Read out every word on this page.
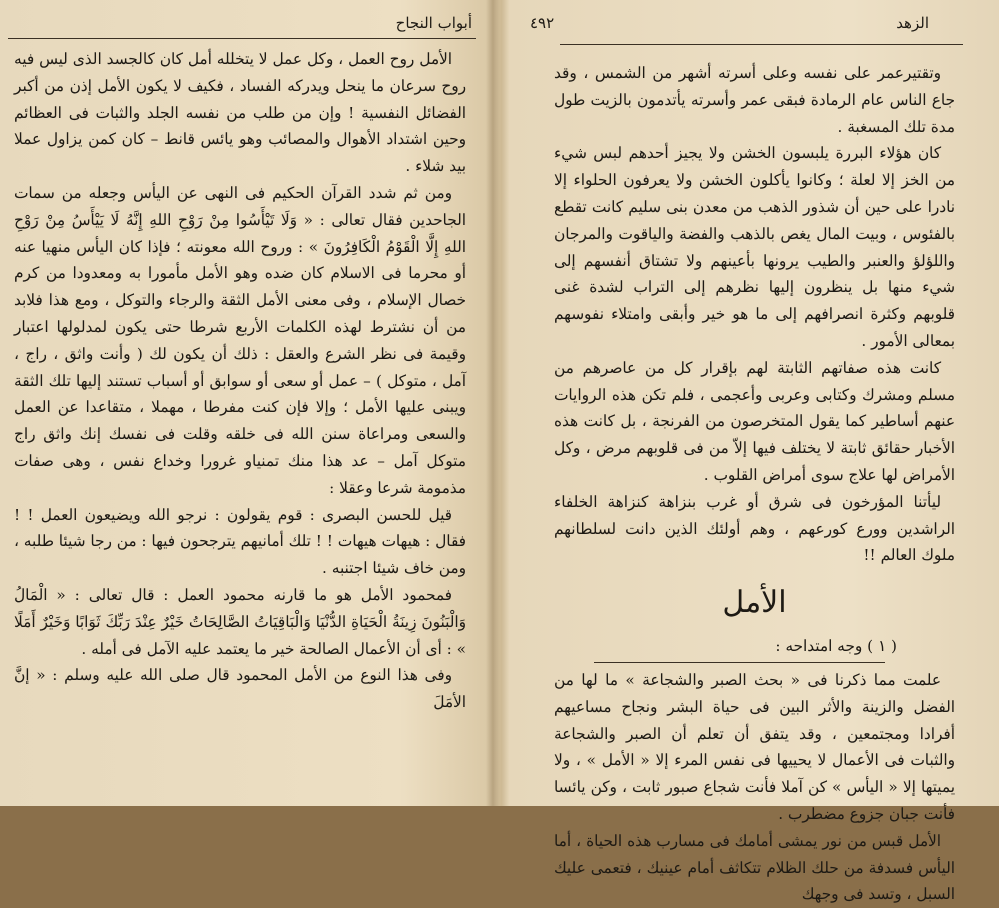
أبواب النجاح

الأمل روح العمل ، وكل عمل لا يتخلله أمل كان كالجسد الذى ليس فيه روح سرعان ما ينحل ويدركه الفساد ، فكيف لا يكون الأمل إذن من أكبر الفضائل النفسية ! وإن من طلب من نفسه الجلد والثبات فى العظائم وحين اشتداد الأهوال والمصائب وهو يائس قانط – كان كمن يزاول عملا بيد شلاء .

ومن ثم شدد القرآن الحكيم فى النهى عن اليأس وجعله من سمات الجاحدين فقال تعالى : « وَلَا تَيْأَسُوا مِنْ رَوْحِ اللهِ إِنَّهُ لَا يَيْأَسُ مِنْ رَوْحِ اللهِ إِلَّا الْقَوْمُ الْكَافِرُونَ » : وروح الله معونته ؛ فإذا كان اليأس منهيا عنه أو محرما فى الاسلام كان ضده وهو الأمل مأمورا به ومعدودا من كرم خصال الإسلام ، وفى معنى الأمل الثقة والرجاء والتوكل ، ومع هذا فلابد من أن نشترط لهذه الكلمات الأربع شرطا حتى يكون لمدلولها اعتبار وقيمة فى نظر الشرع والعقل : ذلك أن يكون لك ( وأنت واثق ، راج ، آمل ، متوكل ) – عمل أو سعى أو سوابق أو أسباب تستند إليها تلك الثقة ويبنى عليها الأمل ؛ وإلا فإن كنت مفرطا ، مهملا ، متقاعدا عن العمل والسعى ومراعاة سنن الله فى خلقه وقلت فى نفسك إنك واثق راج متوكل آمل – عد هذا منك تمنياو غرورا وخداع نفس ، وهى صفات مذمومة شرعا وعقلا :

قيل للحسن البصرى : قوم يقولون : نرجو الله ويضيعون العمل ! ! فقال : هيهات هيهات ! ! تلك أمانيهم يترجحون فيها : من رجا شيئا طلبه ، ومن خاف شيئا اجتنبه .

فمحمود الأمل هو ما قارنه محمود العمل : قال تعالى : « الْمَالُ وَالْبَنُونَ زِينَةُ الْحَيَاةِ الدُّنْيَا وَالْبَاقِيَاتُ الصَّالِحَاتُ خَيْرٌ عِنْدَ رَبِّكَ ثَوَابًا وَخَيْرٌ أَمَلًا » : أى أن الأعمال الصالحة خير ما يعتمد عليه الآمل فى أمله .

وفى هذا النوع من الأمل المحمود قال صلى الله عليه وسلم : « إنَّ الأمَلَ

الزهد
٤٩٢

وتقتيرعمر على نفسه وعلى أسرته أشهر من الشمس ، وقد جاع الناس عام الرمادة فبقى عمر وأسرته يأتدمون بالزيت طول مدة تلك المسغبة .

كان هؤلاء البررة يلبسون الخشن ولا يجيز أحدهم لبس شيء من الخز إلا لعلة ؛ وكانوا يأكلون الخشن ولا يعرفون الحلواء إلا نادرا على حين أن شذور الذهب من معدن بنى سليم كانت تقطع بالفئوس ، وبيت المال يغص بالذهب والفضة والياقوت والمرجان واللؤلؤ والعنبر والطيب يرونها بأعينهم ولا تشتاق أنفسهم إلى شيء منها بل ينظرون إليها نظرهم إلى التراب لشدة غنى قلوبهم وكثرة انصرافهم إلى ما هو خير وأبقى وامتلاء نفوسهم بمعالى الأمور .

كانت هذه صفاتهم الثابتة لهم بإقرار كل من عاصرهم من مسلم ومشرك وكتابى وعربى وأعجمى ، فلم تكن هذه الروايات عنهم أساطير كما يقول المتخرصون من الفرنجة ، بل كانت هذه الأخبار حقائق ثابتة لا يختلف فيها إلاّ من فى قلوبهم مرض ، وكل الأمراض لها علاج سوى أمراض القلوب .

ليأتنا المؤرخون فى شرق أو غرب بنزاهة كنزاهة الخلفاء الراشدين وورع كورعهم ، وهم أولئك الذين دانت لسلطانهم ملوك العالم !!

الأمل

( ١ ) وجه امتداحه :

علمت مما ذكرنا فى « بحث الصبر والشجاعة » ما لها من الفضل والزينة والأثر البين فى حياة البشر ونجاح مساعيهم أفرادا ومجتمعين ، وقد يتفق أن تعلم أن الصبر والشجاعة والثبات فى الأعمال لا يحييها فى نفس المرء إلا « الأمل » ، ولا يميتها إلا « اليأس » كن آملا فأنت شجاع صبور ثابت ، وكن يائسا فأنت جبان جزوع مضطرب .

الأمل قبس من نور يمشى أمامك فى مسارب هذه الحياة ، أما اليأس فسدفة من حلك الظلام تتكاثف أمام عينيك ، فتعمى عليك السبل ، وتسد فى وجهك
